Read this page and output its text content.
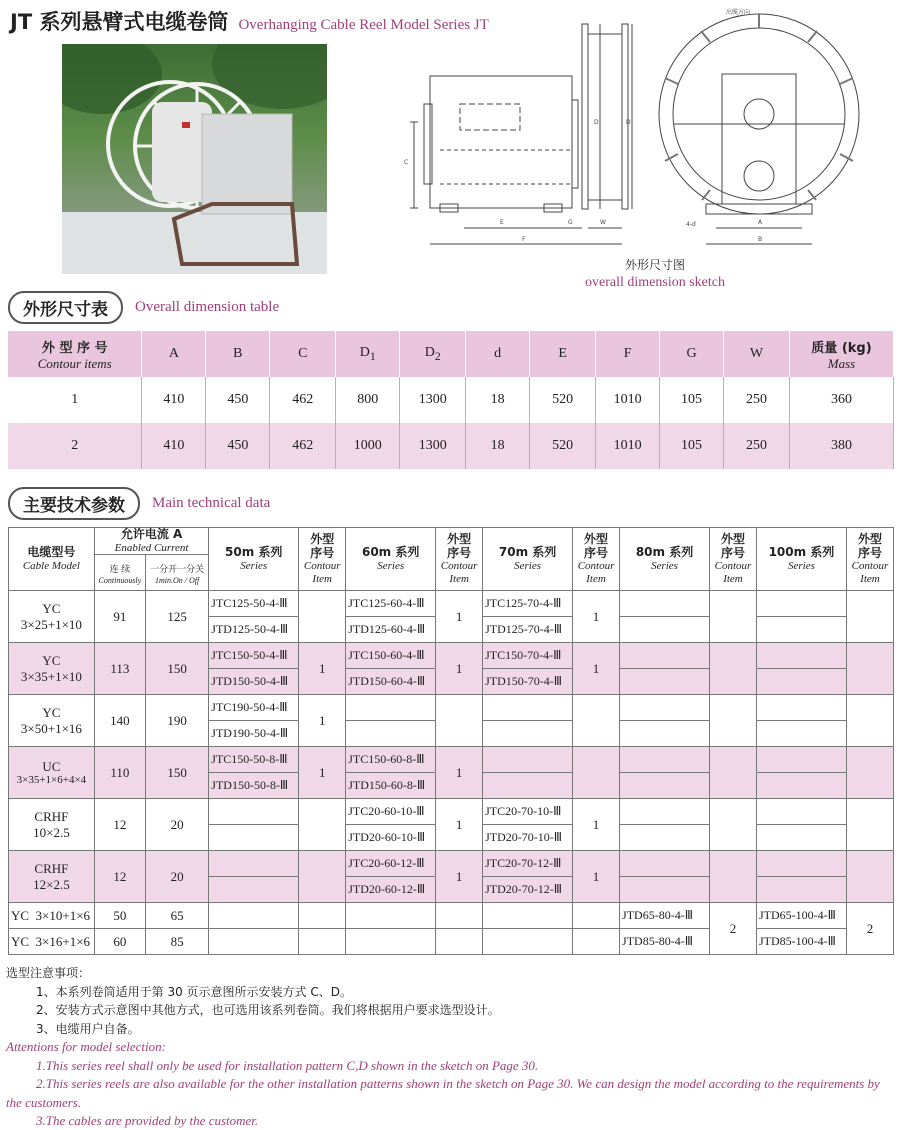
JT 系列悬臂式电缆卷筒 Overhanging Cable Reel Model Series JT
出缆方向
C
D	D
E	G	W
F
A
B
4-d
外形尺寸图
overall dimension sketch
外形尺寸表	Overall dimension table
外 型 序 号
Contour items	A	B	C	$D_1$	$D_2$	d	E	F	G	W	质量 (kg)
Mass

1	410	450	462	800	1300	18	520	1010	105	250	360
2	410	450	462	1000	1300	18	520	1010	105	250	380
主要技术参数	Main technical data
电缆型号
Cable Model	允许电流 A
Enabled Current		50m 系列
Series	外型
序号
Contour
Item	60m 系列
Series	外型
序号
Contour
Item	70m 系列
Series	外型
序号
Contour
Item	80m 系列
Series	外型
序号
Contour
Item	100m 系列
Series	外型
序号
Contour
Item

	连 续
Continuously	一分开一分关
1min.On / Off										

YC
3×25+1×10	91	125	JTC125-50-4-Ⅲ		JTC125-60-4-Ⅲ	1	JTC125-70-4-Ⅲ	1				
			JTD125-50-4-Ⅲ		JTD125-60-4-Ⅲ		JTD125-70-4-Ⅲ					

YC
3×35+1×10	113	150	JTC150-50-4-Ⅲ	1	JTC150-60-4-Ⅲ	1	JTC150-70-4-Ⅲ	1				
			JTD150-50-4-Ⅲ		JTD150-60-4-Ⅲ		JTD150-70-4-Ⅲ					

YC
3×50+1×16	140	190	JTC190-50-4-Ⅲ	1								
			JTD190-50-4-Ⅲ									

UC
3×35+1×6+4×4	110	150	JTC150-50-8-Ⅲ	1	JTC150-60-8-Ⅲ	1						
			JTD150-50-8-Ⅲ		JTD150-60-8-Ⅲ							

CRHF
10×2.5	12	20			JTC20-60-10-Ⅲ	1	JTC20-70-10-Ⅲ	1				
					JTD20-60-10-Ⅲ		JTD20-70-10-Ⅲ					

CRHF
12×2.5	12	20			JTC20-60-12-Ⅲ	1	JTC20-70-12-Ⅲ	1				
					JTD20-60-12-Ⅲ		JTD20-70-12-Ⅲ					
YC  3×10+1×6	50	65							JTD65-80-4-Ⅲ	2	JTD65-100-4-Ⅲ	2
YC  3×16+1×6	60	85							JTD85-80-4-Ⅲ		JTD85-100-4-Ⅲ	
选型注意事项：
1、本系列卷筒适用于第 30 页示意图所示安装方式 C、D。
2、安装方式示意图中其他方式，也可选用该系列卷筒。我们将根据用户要求选型设计。
3、电缆用户自备。
Attentions for model selection:
1.This series reel shall only be used for installation pattern C,D shown in the sketch on Page 30.
2.This series reels are also available for the other installation patterns shown in the sketch on Page 30. We can design the model according to the requirements by the customers.
3.The cables are provided by the customer.
